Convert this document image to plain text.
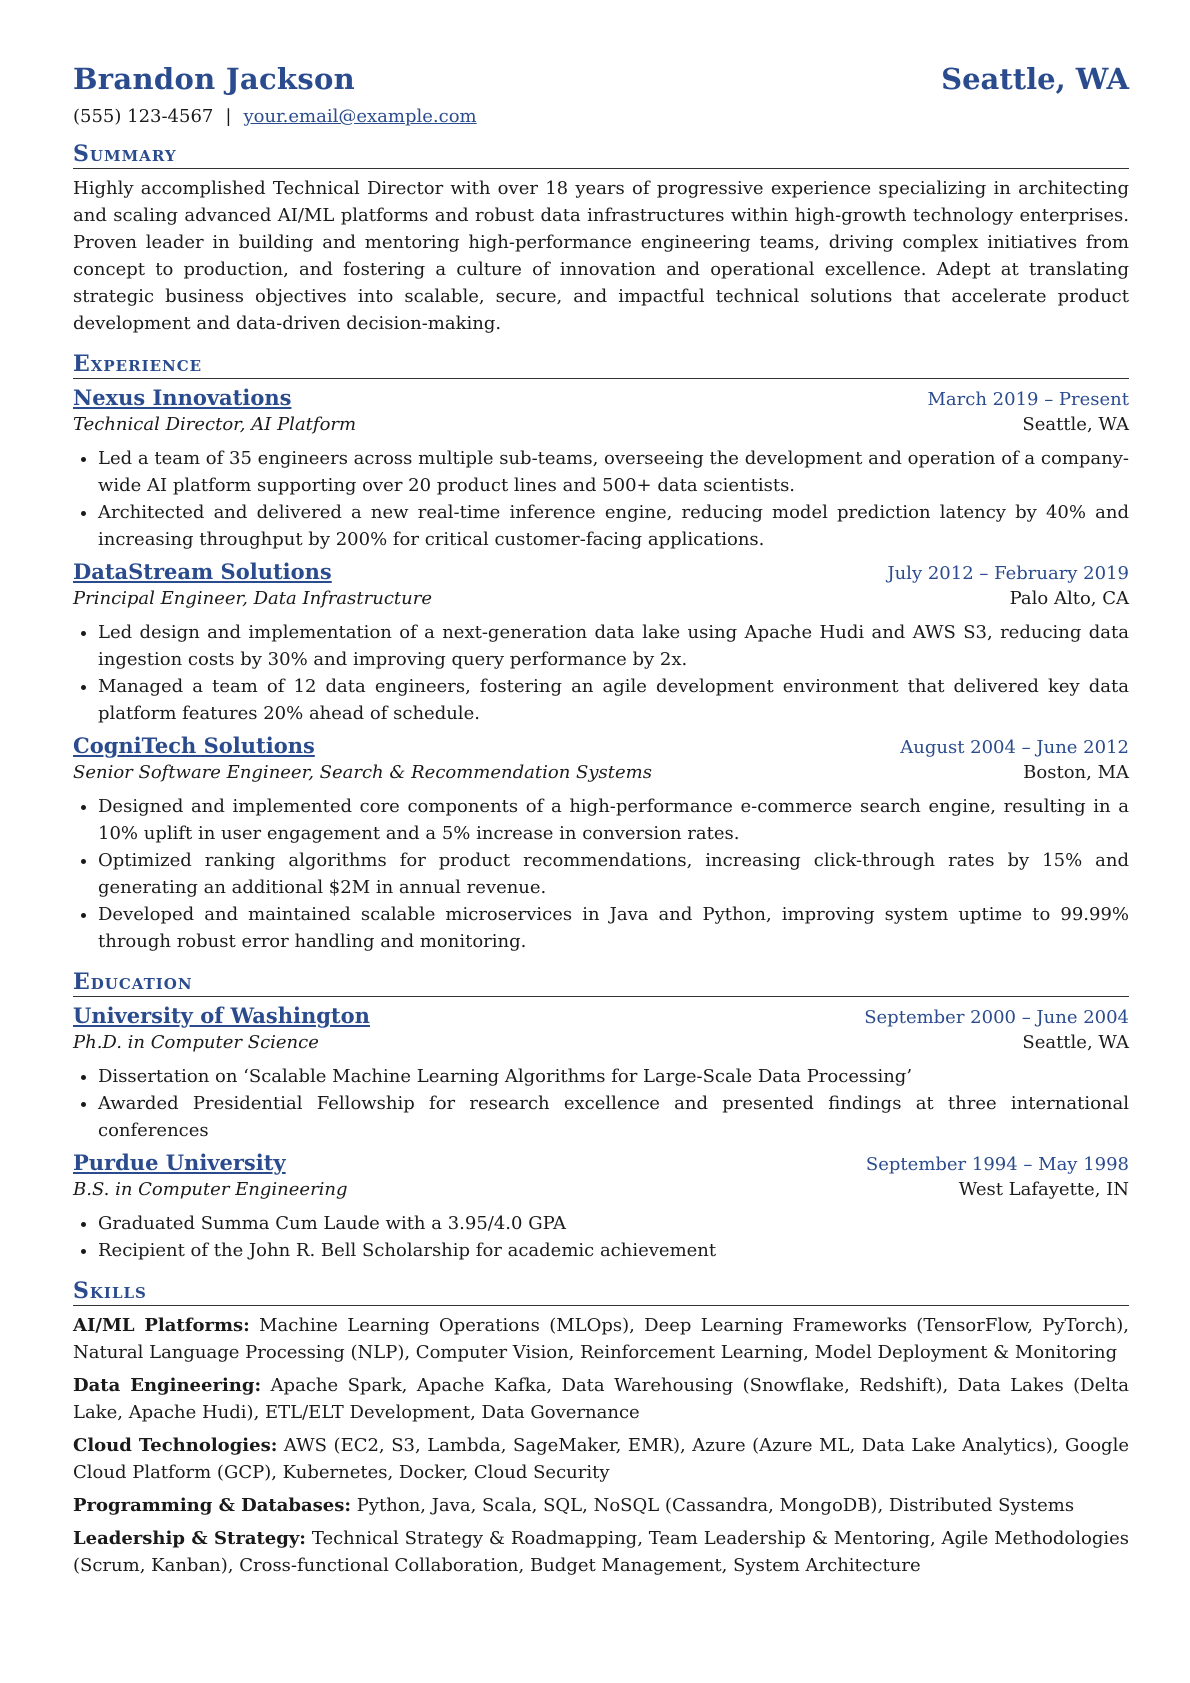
Brandon Jackson	Seattle, WA
(555) 123-4567 | your.email@example.com
Summary
Highly accomplished Technical Director with over 18 years of progressive experience specializing in architecting and scaling advanced AI/ML platforms and robust data infrastructures within high-growth technology enterprises. Proven leader in building and mentoring high-performance engineering teams, driving complex initiatives from concept to production, and fostering a culture of innovation and operational excellence. Adept at translating strategic business objectives into scalable, secure, and impactful technical solutions that accelerate product development and data-driven decision-making.
Experience
Nexus Innovations	March 2019 – Present
Technical Director, AI Platform	Seattle, WA
• Led a team of 35 engineers across multiple sub-teams, overseeing the development and operation of a company-wide AI platform supporting over 20 product lines and 500+ data scientists.
• Architected and delivered a new real-time inference engine, reducing model prediction latency by 40% and increasing throughput by 200% for critical customer-facing applications.
DataStream Solutions	July 2012 – February 2019
Principal Engineer, Data Infrastructure	Palo Alto, CA
• Led design and implementation of a next-generation data lake using Apache Hudi and AWS S3, reducing data ingestion costs by 30% and improving query performance by 2x.
• Managed a team of 12 data engineers, fostering an agile development environment that delivered key data platform features 20% ahead of schedule.
CogniTech Solutions	August 2004 – June 2012
Senior Software Engineer, Search & Recommendation Systems	Boston, MA
• Designed and implemented core components of a high-performance e-commerce search engine, resulting in a 10% uplift in user engagement and a 5% increase in conversion rates.
• Optimized ranking algorithms for product recommendations, increasing click-through rates by 15% and generating an additional $2M in annual revenue.
• Developed and maintained scalable microservices in Java and Python, improving system uptime to 99.99% through robust error handling and monitoring.
Education
University of Washington	September 2000 – June 2004
Ph.D. in Computer Science	Seattle, WA
• Dissertation on ‘Scalable Machine Learning Algorithms for Large-Scale Data Processing’
• Awarded Presidential Fellowship for research excellence and presented findings at three international conferences
Purdue University	September 1994 – May 1998
B.S. in Computer Engineering	West Lafayette, IN
• Graduated Summa Cum Laude with a 3.95/4.0 GPA
• Recipient of the John R. Bell Scholarship for academic achievement
Skills
AI/ML Platforms: Machine Learning Operations (MLOps), Deep Learning Frameworks (TensorFlow, PyTorch), Natural Language Processing (NLP), Computer Vision, Reinforcement Learning, Model Deployment & Monitoring
Data Engineering: Apache Spark, Apache Kafka, Data Warehousing (Snowflake, Redshift), Data Lakes (Delta Lake, Apache Hudi), ETL/ELT Development, Data Governance
Cloud Technologies: AWS (EC2, S3, Lambda, SageMaker, EMR), Azure (Azure ML, Data Lake Analytics), Google Cloud Platform (GCP), Kubernetes, Docker, Cloud Security
Programming & Databases: Python, Java, Scala, SQL, NoSQL (Cassandra, MongoDB), Distributed Systems
Leadership & Strategy: Technical Strategy & Roadmapping, Team Leadership & Mentoring, Agile Methodologies (Scrum, Kanban), Cross-functional Collaboration, Budget Management, System Architecture
